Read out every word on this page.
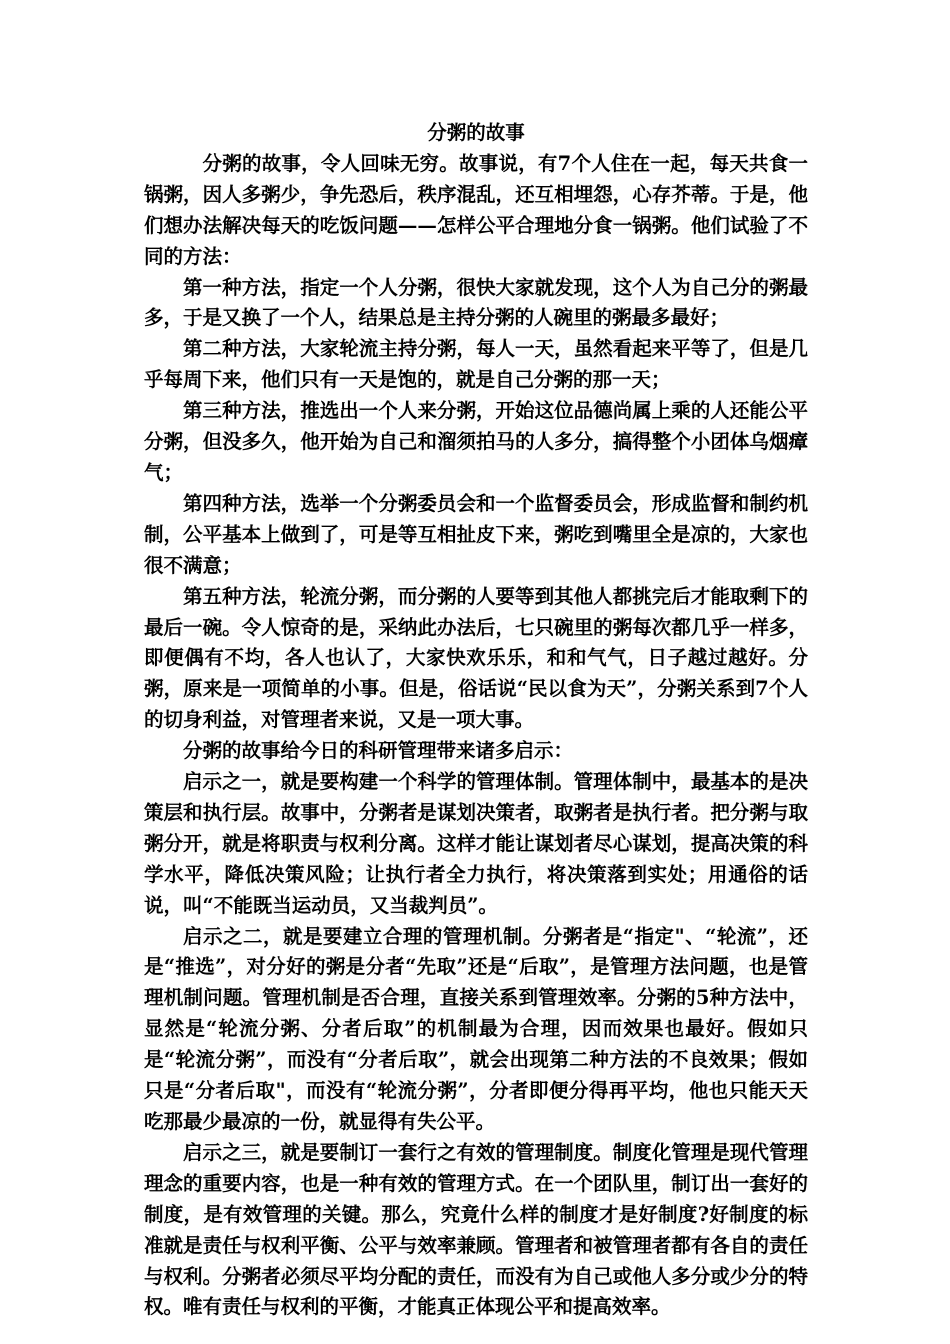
分粥的故事

分粥的故事，令人回味无穷。故事说，有7个人住在一起，每天共食一锅粥，因人多粥少，争先恐后，秩序混乱，还互相埋怨，心存芥蒂。于是，他们想办法解决每天的吃饭问题——怎样公平合理地分食一锅粥。他们试验了不同的方法：

第一种方法，指定一个人分粥，很快大家就发现，这个人为自己分的粥最多，于是又换了一个人，结果总是主持分粥的人碗里的粥最多最好；

第二种方法，大家轮流主持分粥，每人一天，虽然看起来平等了，但是几乎每周下来，他们只有一天是饱的，就是自己分粥的那一天；

第三种方法，推选出一个人来分粥，开始这位品德尚属上乘的人还能公平分粥，但没多久，他开始为自己和溜须拍马的人多分，搞得整个小团体乌烟瘴气；

第四种方法，选举一个分粥委员会和一个监督委员会，形成监督和制约机制，公平基本上做到了，可是等互相扯皮下来，粥吃到嘴里全是凉的，大家也很不满意；

第五种方法，轮流分粥，而分粥的人要等到其他人都挑完后才能取剩下的最后一碗。令人惊奇的是，采纳此办法后，七只碗里的粥每次都几乎一样多，即便偶有不均，各人也认了，大家快欢乐乐，和和气气，日子越过越好。分粥，原来是一项简单的小事。但是，俗话说“民以食为天”，分粥关系到7个人的切身利益，对管理者来说，又是一项大事。

分粥的故事给今日的科研管理带来诸多启示：

启示之一，就是要构建一个科学的管理体制。管理体制中，最基本的是决策层和执行层。故事中，分粥者是谋划决策者，取粥者是执行者。把分粥与取粥分开，就是将职责与权利分离。这样才能让谋划者尽心谋划，提高决策的科学水平，降低决策风险；让执行者全力执行，将决策落到实处；用通俗的话说，叫“不能既当运动员，又当裁判员”。

启示之二，就是要建立合理的管理机制。分粥者是“指定"、“轮流”，还是“推选”，对分好的粥是分者“先取”还是“后取”，是管理方法问题，也是管理机制问题。管理机制是否合理，直接关系到管理效率。分粥的5种方法中，显然是“轮流分粥、分者后取”的机制最为合理，因而效果也最好。假如只是“轮流分粥”，而没有“分者后取”，就会出现第二种方法的不良效果；假如只是“分者后取"，而没有“轮流分粥”，分者即便分得再平均，他也只能天天吃那最少最凉的一份，就显得有失公平。

启示之三，就是要制订一套行之有效的管理制度。制度化管理是现代管理理念的重要内容，也是一种有效的管理方式。在一个团队里，制订出一套好的制度，是有效管理的关键。那么，究竟什么样的制度才是好制度?好制度的标准就是责任与权利平衡、公平与效率兼顾。管理者和被管理者都有各自的责任与权利。分粥者必须尽平均分配的责任，而没有为自己或他人多分或少分的特权。唯有责任与权利的平衡，才能真正体现公平和提高效率。
